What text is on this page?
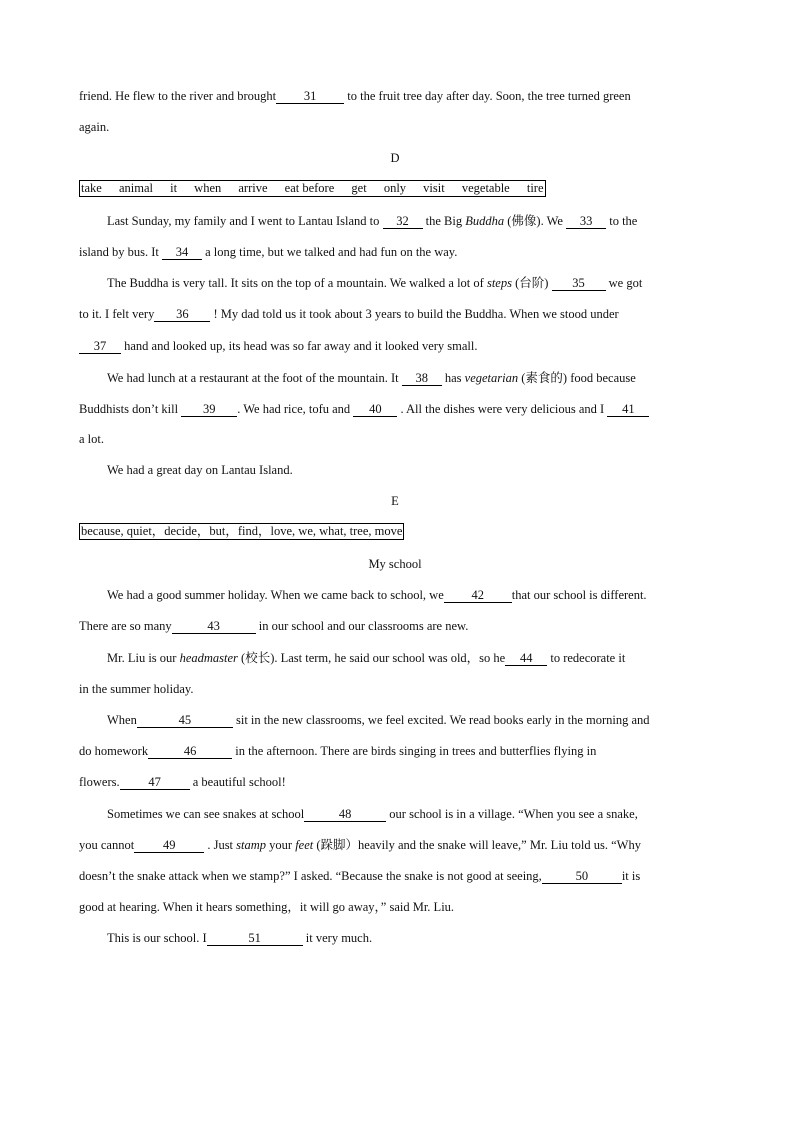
friend. He flew to the river and brought 31 to the fruit tree day after day. Soon, the tree turned green
again.
D
take animal it when arrive eat before get only visit vegetable tire
Last Sunday, my family and I went to Lantau Island to 32 the Big Buddha (佛像). We 33 to the
island by bus. It 34 a long time, but we talked and had fun on the way.
The Buddha is very tall. It sits on the top of a mountain. We walked a lot of steps (台阶) 35 we got
to it. I felt very 36 ! My dad told us it took about 3 years to build the Buddha. When we stood under
37 hand and looked up, its head was so far away and it looked very small.
We had lunch at a restaurant at the foot of the mountain. It 38 has vegetarian (素食的) food because
Buddhists don’t kill 39 . We had rice, tofu and 40 . All the dishes were very delicious and I 41
a lot.
We had a great day on Lantau Island.
E
because, quiet，decide，but，find，love, we, what, tree, move
My school
We had a good summer holiday. When we came back to school, we 42 that our school is different.
There are so many	43	in our school and our classrooms are new.
Mr. Liu is our headmaster (校长). Last term, he said our school was old，so he 44 to redecorate it
in the summer holiday.
When	45	sit in the new classrooms, we feel excited. We read books early in the morning and
do homework	46	in the afternoon. There are birds singing in trees and butterflies flying in
flowers. 47 a beautiful school!
Sometimes we can see snakes at school	48	our school is in a village. “When you see a snake,
you cannot 49 . Just stamp your feet (跺脚）heavily and the snake will leave,” Mr. Liu told us. “Why
doesn’t the snake attack when we stamp?” I asked. “Because the snake is not good at seeing,	50	it is
good at hearing. When it hears something，it will go away，” said Mr. Liu.
This is our school. I	51	it very much.
